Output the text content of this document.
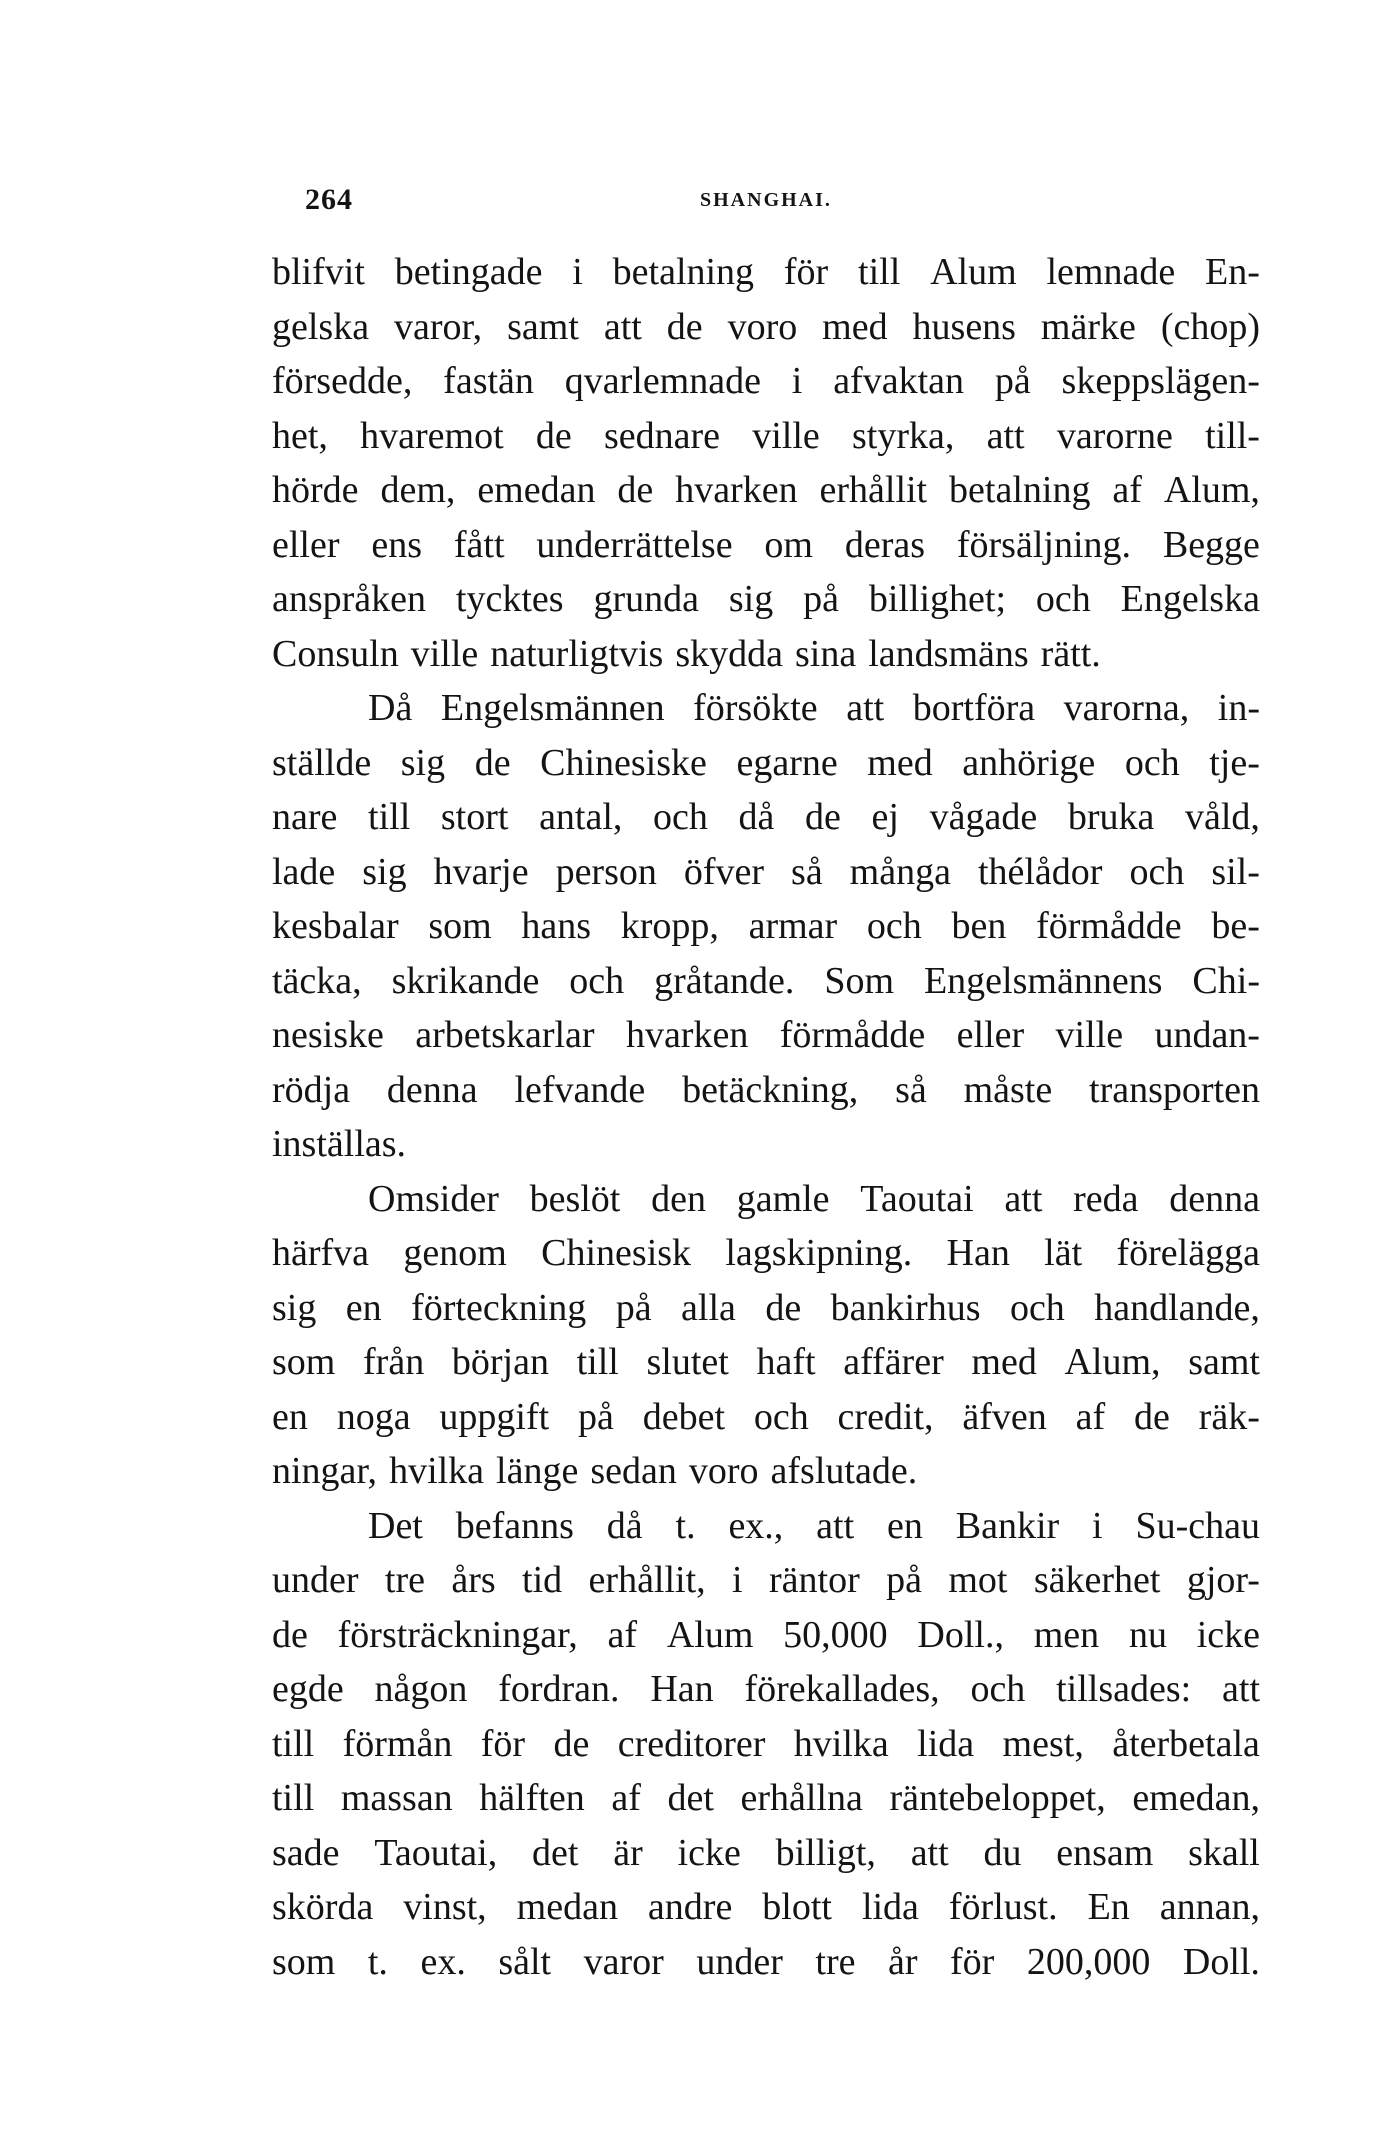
264	SHANGHAI.
blifvit betingade i betalning för till Alum lemnade En-
gelska varor, samt att de voro med husens märke (chop)
försedde, fastän qvarlemnade i afvaktan på skeppslägen-
het, hvaremot de sednare ville styrka, att varorne till-
hörde dem, emedan de hvarken erhållit betalning af Alum,
eller ens fått underrättelse om deras försäljning. Begge
anspråken tycktes grunda sig på billighet; och Engelska
Consuln ville naturligtvis skydda sina landsmäns rätt.
Då Engelsmännen försökte att bortföra varorna, in-
ställde sig de Chinesiske egarne med anhörige och tje-
nare till stort antal, och då de ej vågade bruka våld,
lade sig hvarje person öfver så många thélådor och sil-
kesbalar som hans kropp, armar och ben förmådde be-
täcka, skrikande och gråtande. Som Engelsmännens Chi-
nesiske arbetskarlar hvarken förmådde eller ville undan-
rödja denna lefvande betäckning, så måste transporten
inställas.
Omsider beslöt den gamle Taoutai att reda denna
härfva genom Chinesisk lagskipning. Han lät förelägga
sig en förteckning på alla de bankirhus och handlande,
som från början till slutet haft affärer med Alum, samt
en noga uppgift på debet och credit, äfven af de räk-
ningar, hvilka länge sedan voro afslutade.
Det befanns då t. ex., att en Bankir i Su-chau
under tre års tid erhållit, i räntor på mot säkerhet gjor-
de försträckningar, af Alum 50,000 Doll., men nu icke
egde någon fordran. Han förekallades, och tillsades: att
till förmån för de creditorer hvilka lida mest, återbetala
till massan hälften af det erhållna räntebeloppet, emedan,
sade Taoutai, det är icke billigt, att du ensam skall
skörda vinst, medan andre blott lida förlust. En annan,
som t. ex. sålt varor under tre år för 200,000 Doll.
